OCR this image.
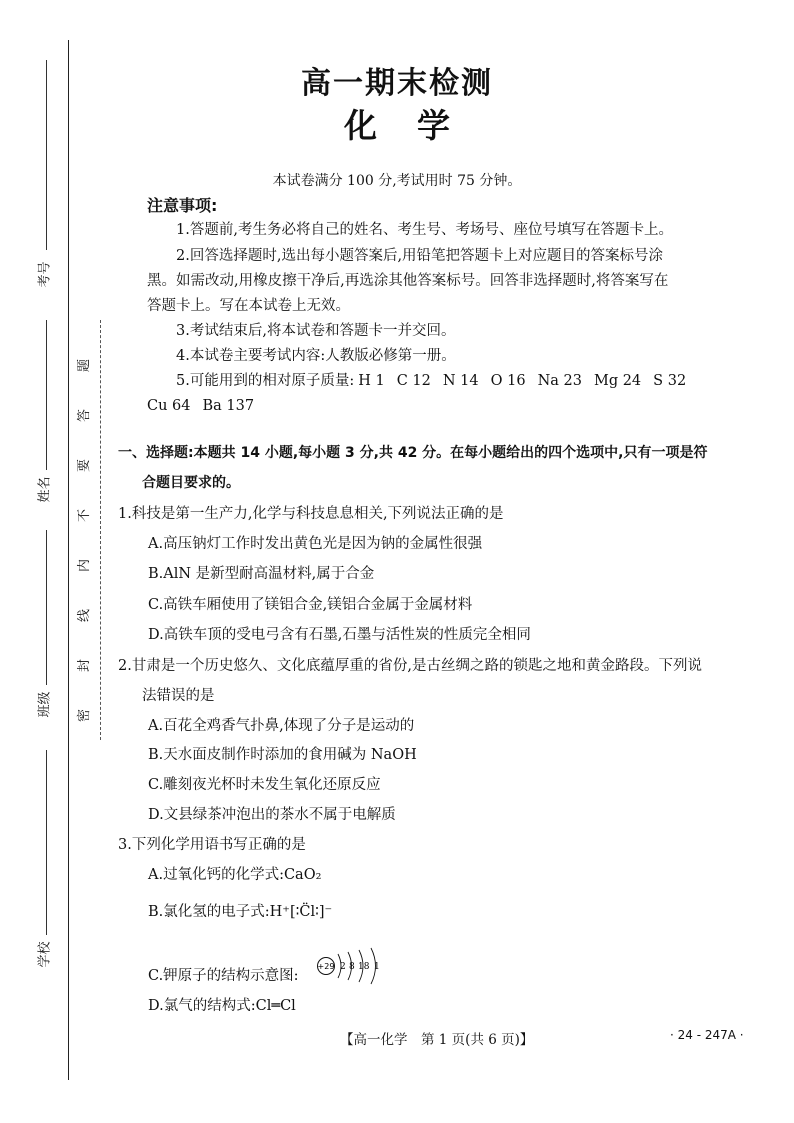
考号
姓名
班级
学校
题
答
要
不
内
线
封
密
高一期末检测
化学
本试卷满分 100 分,考试用时 75 分钟。
注意事项:
1.答题前,考生务必将自己的姓名、考生号、考场号、座位号填写在答题卡上。
2.回答选择题时,选出每小题答案后,用铅笔把答题卡上对应题目的答案标号涂
黑。如需改动,用橡皮擦干净后,再选涂其他答案标号。回答非选择题时,将答案写在
答题卡上。写在本试卷上无效。
3.考试结束后,将本试卷和答题卡一并交回。
4.本试卷主要考试内容:人教版必修第一册。
5.可能用到的相对原子质量: H 1 C 12 N 14 O 16 Na 23 Mg 24 S 32
Cu 64 Ba 137
一、选择题:本题共 14 小题,每小题 3 分,共 42 分。在每小题给出的四个选项中,只有一项是符
合题目要求的。
1.科技是第一生产力,化学与科技息息相关,下列说法正确的是
A.高压钠灯工作时发出黄色光是因为钠的金属性很强
B.AlN 是新型耐高温材料,属于合金
C.高铁车厢使用了镁铝合金,镁铝合金属于金属材料
D.高铁车顶的受电弓含有石墨,石墨与活性炭的性质完全相同
2.甘肃是一个历史悠久、文化底蕴厚重的省份,是古丝绸之路的锁匙之地和黄金路段。下列说
法错误的是
A.百花全鸡香气扑鼻,体现了分子是运动的
B.天水面皮制作时添加的食用碱为 NaOH
C.雕刻夜光杯时未发生氧化还原反应
D.文县绿茶冲泡出的茶水不属于电解质
3.下列化学用语书写正确的是
A.过氧化钙的化学式:CaO₂
B.氯化氢的电子式:H⁺[∶C̈l∶]⁻
C.钾原子的结构示意图:
+29 2 8 18 1
D.氯气的结构式:Cl═Cl
【高一化学　第 1 页(共 6 页)】	· 24 - 247A ·
